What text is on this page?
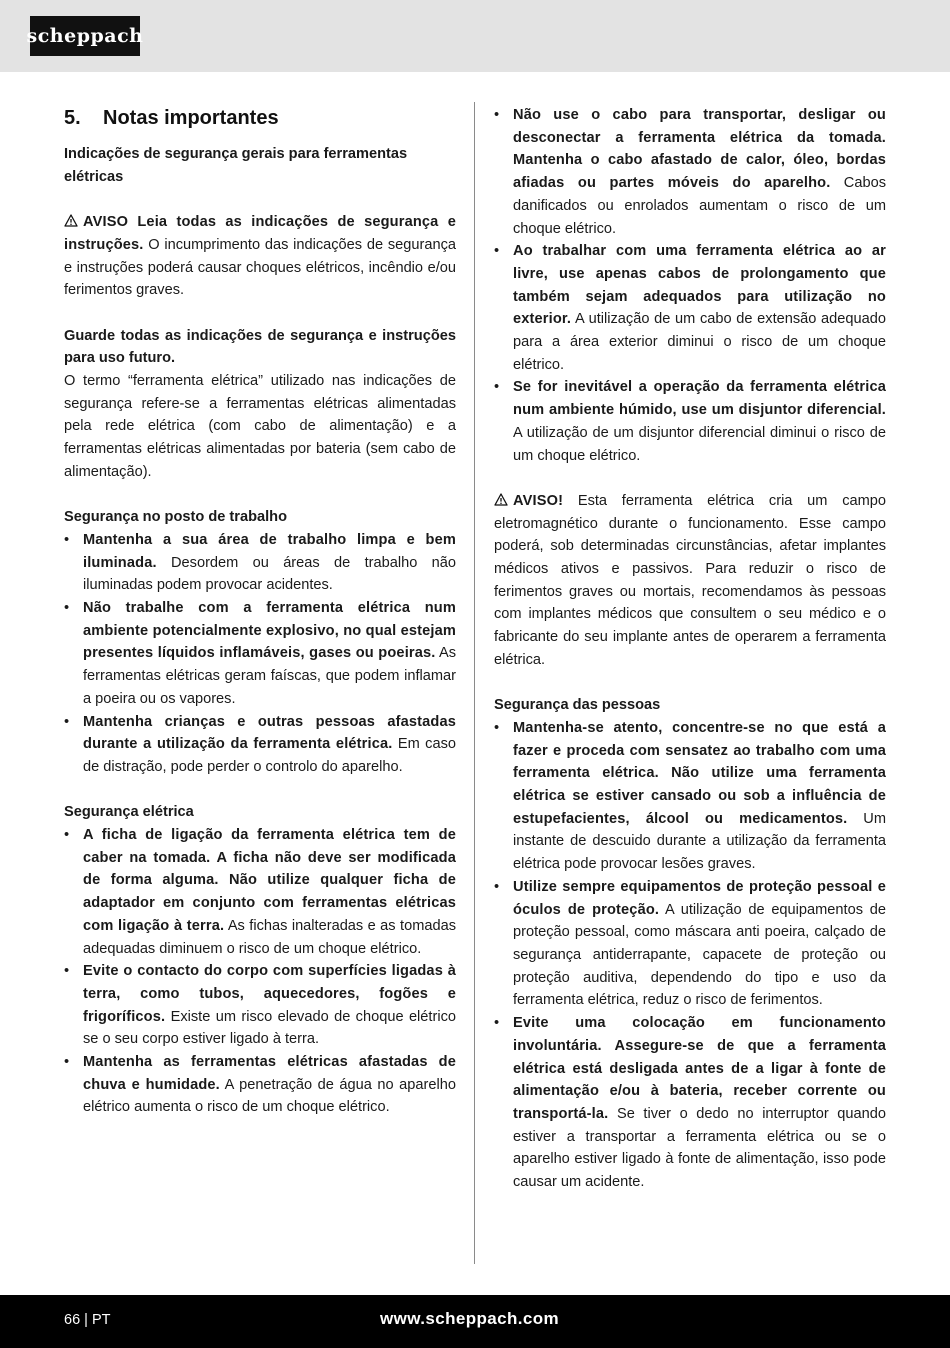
scheppach
5.	Notas importantes

Indicações de segurança gerais para ferramentas elétricas

AVISO Leia todas as indicações de segurança e instruções. O incumprimento das indicações de segurança e instruções poderá causar choques elétricos, incêndio e/ou ferimentos graves.

Guarde todas as indicações de segurança e instruções para uso futuro.

O termo “ferramenta elétrica” utilizado nas indicações de segurança refere-se a ferramentas elétricas alimentadas pela rede elétrica (com cabo de alimentação) e a ferramentas elétricas alimentadas por bateria (sem cabo de alimentação).

Segurança no posto de trabalho

• Mantenha a sua área de trabalho limpa e bem iluminada. Desordem ou áreas de trabalho não iluminadas podem provocar acidentes.
• Não trabalhe com a ferramenta elétrica num ambiente potencialmente explosivo, no qual estejam presentes líquidos inflamáveis, gases ou poeiras. As ferramentas elétricas geram faíscas, que podem inflamar a poeira ou os vapores.
• Mantenha crianças e outras pessoas afastadas durante a utilização da ferramenta elétrica. Em caso de distração, pode perder o controlo do aparelho.

Segurança elétrica

• A ficha de ligação da ferramenta elétrica tem de caber na tomada. A ficha não deve ser modificada de forma alguma. Não utilize qualquer ficha de adaptador em conjunto com ferramentas elétricas com ligação à terra. As fichas inalteradas e as tomadas adequadas diminuem o risco de um choque elétrico.
• Evite o contacto do corpo com superfícies ligadas à terra, como tubos, aquecedores, fogões e frigoríficos. Existe um risco elevado de choque elétrico se o seu corpo estiver ligado à terra.
• Mantenha as ferramentas elétricas afastadas de chuva e humidade. A penetração de água no aparelho elétrico aumenta o risco de um choque elétrico.
• Não use o cabo para transportar, desligar ou desconectar a ferramenta elétrica da tomada. Mantenha o cabo afastado de calor, óleo, bordas afiadas ou partes móveis do aparelho. Cabos danificados ou enrolados aumentam o risco de um choque elétrico.
• Ao trabalhar com uma ferramenta elétrica ao ar livre, use apenas cabos de prolongamento que também sejam adequados para utilização no exterior. A utilização de um cabo de extensão adequado para a área exterior diminui o risco de um choque elétrico.
• Se for inevitável a operação da ferramenta elétrica num ambiente húmido, use um disjuntor diferencial. A utilização de um disjuntor diferencial diminui o risco de um choque elétrico.

AVISO! Esta ferramenta elétrica cria um campo eletromagnético durante o funcionamento. Esse campo poderá, sob determinadas circunstâncias, afetar implantes médicos ativos e passivos. Para reduzir o risco de ferimentos graves ou mortais, recomendamos às pessoas com implantes médicos que consultem o seu médico e o fabricante do seu implante antes de operarem a ferramenta elétrica.

Segurança das pessoas

• Mantenha-se atento, concentre-se no que está a fazer e proceda com sensatez ao trabalho com uma ferramenta elétrica. Não utilize uma ferramenta elétrica se estiver cansado ou sob a influência de estupefacientes, álcool ou medicamentos. Um instante de descuido durante a utilização da ferramenta elétrica pode provocar lesões graves.
• Utilize sempre equipamentos de proteção pessoal e óculos de proteção. A utilização de equipamentos de proteção pessoal, como máscara anti poeira, calçado de segurança antiderrapante, capacete de proteção ou proteção auditiva, dependendo do tipo e uso da ferramenta elétrica, reduz o risco de ferimentos.
• Evite uma colocação em funcionamento involuntária. Assegure-se de que a ferramenta elétrica está desligada antes de a ligar à fonte de alimentação e/ou à bateria, receber corrente ou transportá-la. Se tiver o dedo no interruptor quando estiver a transportar a ferramenta elétrica ou se o aparelho estiver ligado à fonte de alimentação, isso pode causar um acidente.
66 | PT	www.scheppach.com
